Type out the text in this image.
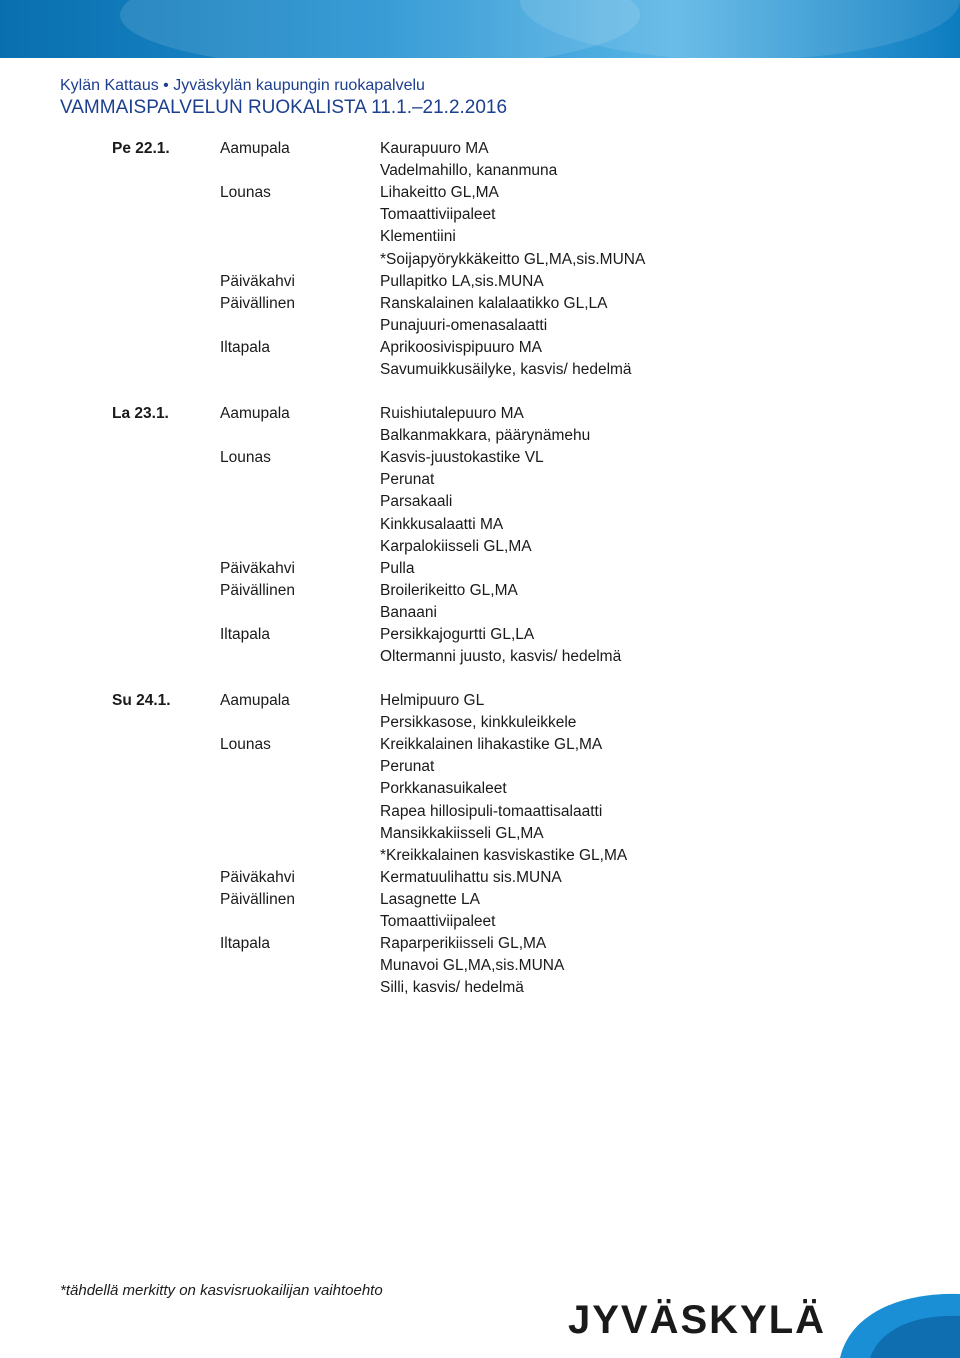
Kylän Kattaus • Jyväskylän kaupungin ruokapalvelu
VAMMAISPALVELUN RUOKALISTA 11.1.–21.2.2016
Pe 22.1.	Aamupala	Kaurapuuro MA
Vadelmahillo, kananmuna
Lounas	Lihakeitto GL,MA
Tomaattiviipaleet
Klementiini
*Soijapyörykkäkeitto GL,MA,sis.MUNA
Päiväkahvi	Pullapitko LA,sis.MUNA
Päivällinen	Ranskalainen kalalaatikko GL,LA
Punajuuri-omenasalaatti
Iltapala	Aprikoosivispipuuro MA
Savumuikkusäilyke, kasvis/ hedelmä
La 23.1.	Aamupala	Ruishiutalepuuro MA
Balkanmakkara, päärynämehu
Lounas	Kasvis-juustokastike VL
Perunat
Parsakaali
Kinkkusalaatti MA
Karpalokiisseli GL,MA
Päiväkahvi	Pulla
Päivällinen	Broilerikeitto GL,MA
Banaani
Iltapala	Persikkajogurtti GL,LA
Oltermanni juusto, kasvis/ hedelmä
Su 24.1.	Aamupala	Helmipuuro GL
Persikkasose, kinkkuleikkele
Lounas	Kreikkalainen lihakastike GL,MA
Perunat
Porkkanasuikaleet
Rapea hillosipuli-tomaattisalaatti
Mansikkakiisseli GL,MA
*Kreikkalainen kasviskastike GL,MA
Päiväkahvi	Kermatuulihattu sis.MUNA
Päivällinen	Lasagnette LA
Tomaattiviipaleet
Iltapala	Raparperikiisseli GL,MA
Munavoi GL,MA,sis.MUNA
Silli, kasvis/ hedelmä
*tähdellä merkitty on kasvisruokailijan vaihtoehto
JYVÄSKYLÄ
